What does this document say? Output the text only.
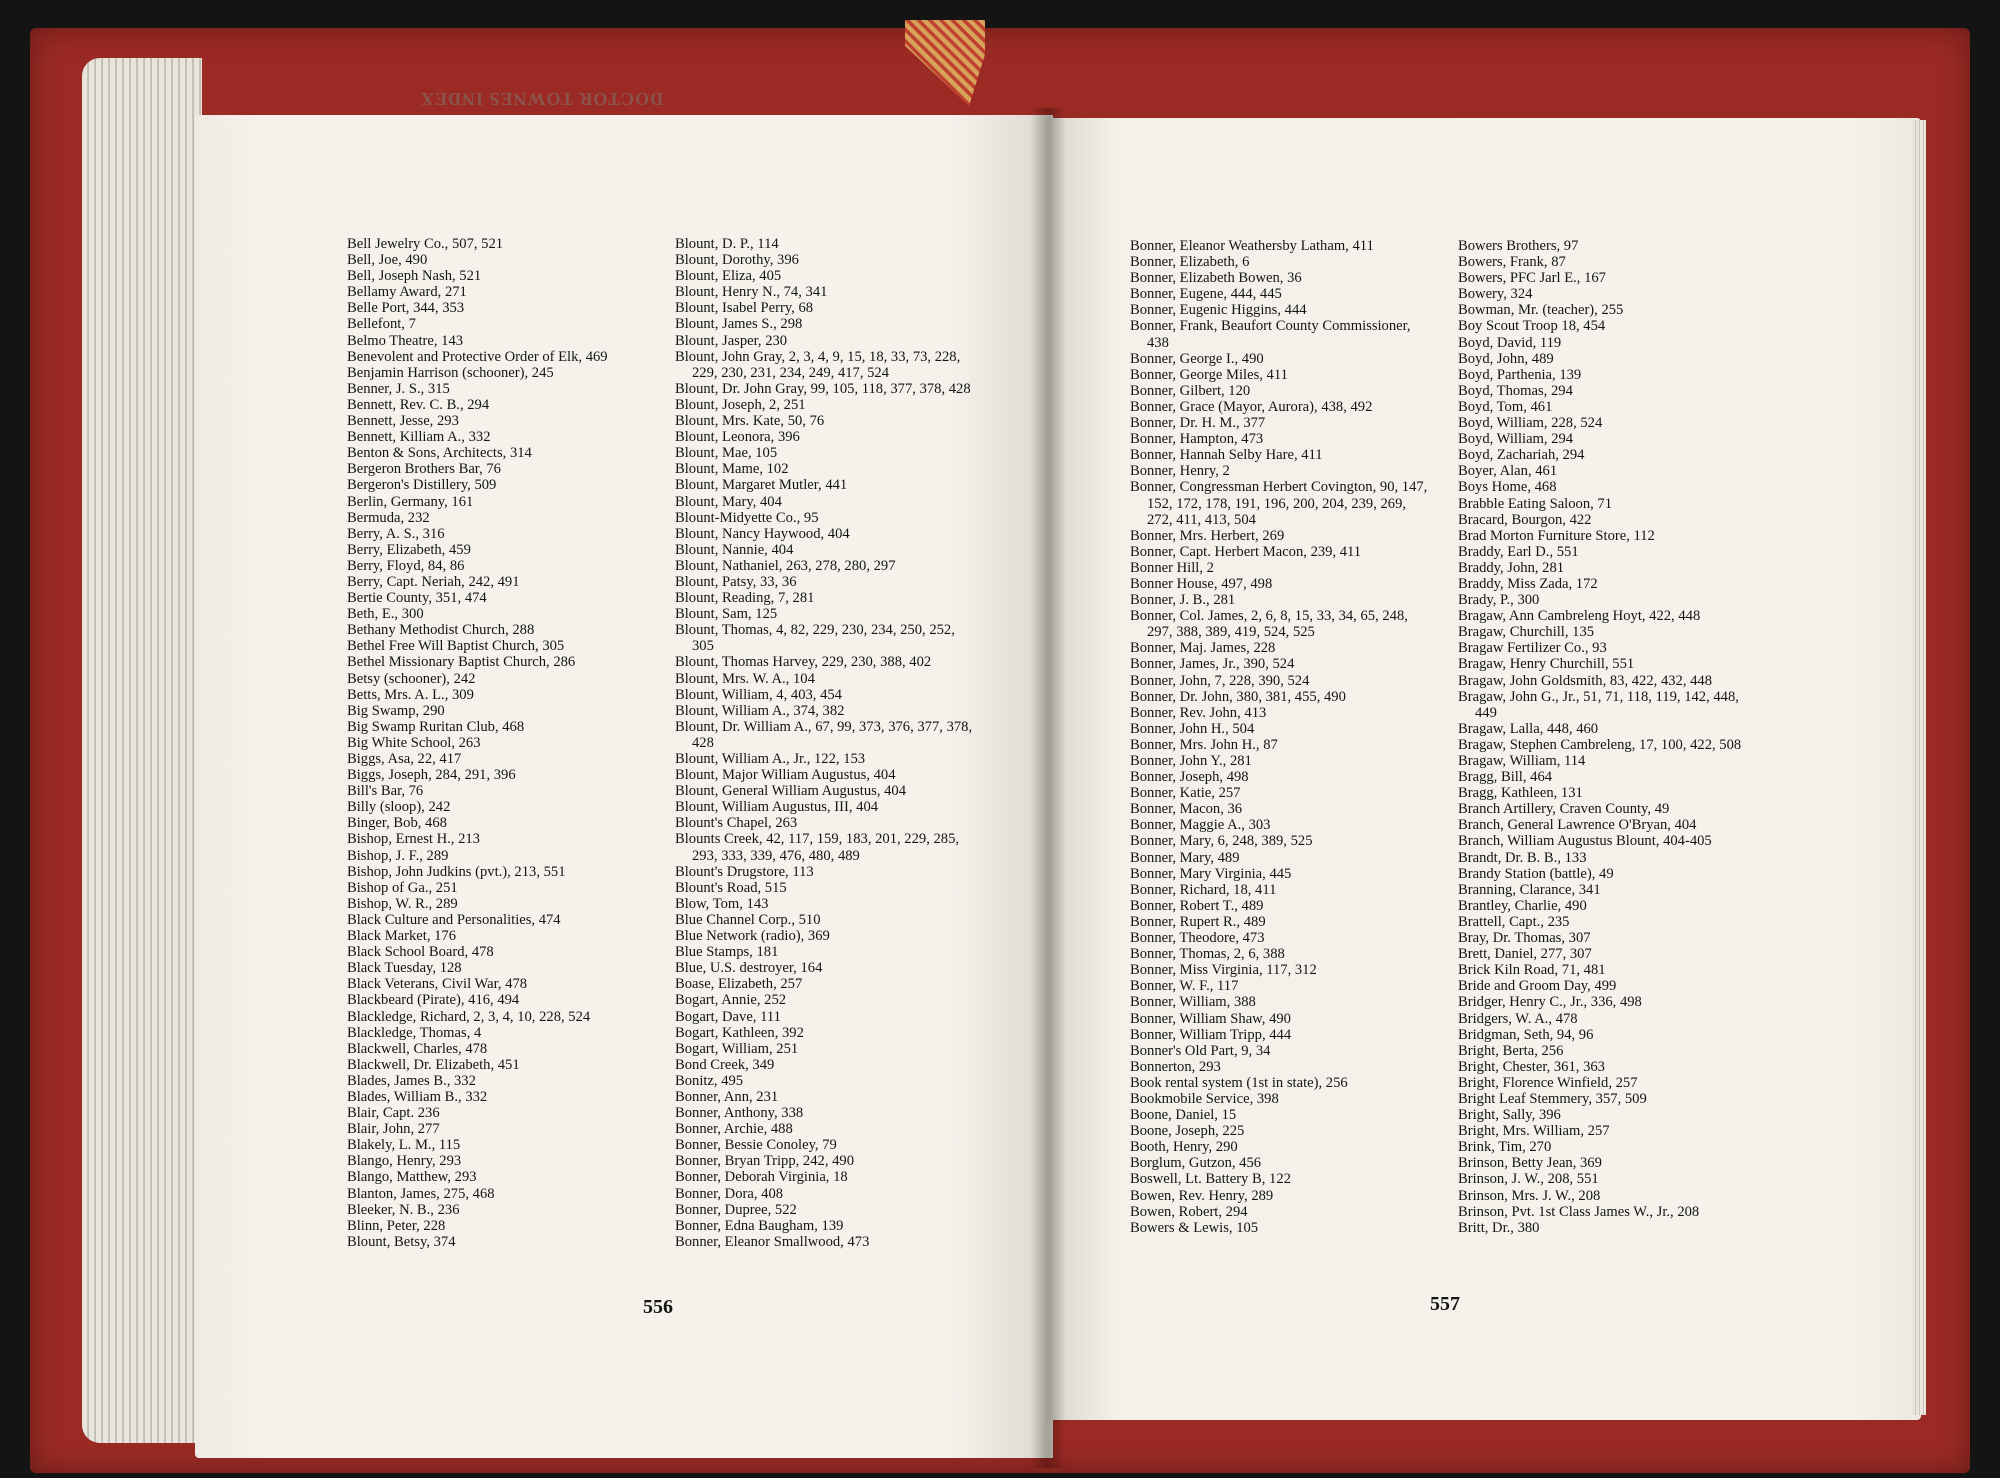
DOCTOR TOWNES INDEX
Bell Jewelry Co., 507, 521
Bell, Joe, 490
Bell, Joseph Nash, 521
Bellamy Award, 271
Belle Port, 344, 353
Bellefont, 7
Belmo Theatre, 143
Benevolent and Protective Order of Elk, 469
Benjamin Harrison (schooner), 245
Benner, J. S., 315
Bennett, Rev. C. B., 294
Bennett, Jesse, 293
Bennett, Killiam A., 332
Benton & Sons, Architects, 314
Bergeron Brothers Bar, 76
Bergeron's Distillery, 509
Berlin, Germany, 161
Bermuda, 232
Berry, A. S., 316
Berry, Elizabeth, 459
Berry, Floyd, 84, 86
Berry, Capt. Neriah, 242, 491
Bertie County, 351, 474
Beth, E., 300
Bethany Methodist Church, 288
Bethel Free Will Baptist Church, 305
Bethel Missionary Baptist Church, 286
Betsy (schooner), 242
Betts, Mrs. A. L., 309
Big Swamp, 290
Big Swamp Ruritan Club, 468
Big White School, 263
Biggs, Asa, 22, 417
Biggs, Joseph, 284, 291, 396
Bill's Bar, 76
Billy (sloop), 242
Binger, Bob, 468
Bishop, Ernest H., 213
Bishop, J. F., 289
Bishop, John Judkins (pvt.), 213, 551
Bishop of Ga., 251
Bishop, W. R., 289
Black Culture and Personalities, 474
Black Market, 176
Black School Board, 478
Black Tuesday, 128
Black Veterans, Civil War, 478
Blackbeard (Pirate), 416, 494
Blackledge, Richard, 2, 3, 4, 10, 228, 524
Blackledge, Thomas, 4
Blackwell, Charles, 478
Blackwell, Dr. Elizabeth, 451
Blades, James B., 332
Blades, William B., 332
Blair, Capt. 236
Blair, John, 277
Blakely, L. M., 115
Blango, Henry, 293
Blango, Matthew, 293
Blanton, James, 275, 468
Bleeker, N. B., 236
Blinn, Peter, 228
Blount, Betsy, 374
Blount, D. P., 114
Blount, Dorothy, 396
Blount, Eliza, 405
Blount, Henry N., 74, 341
Blount, Isabel Perry, 68
Blount, James S., 298
Blount, Jasper, 230
Blount, John Gray, 2, 3, 4, 9, 15, 18, 33, 73, 228, 229, 230, 231, 234, 249, 417, 524
Blount, Dr. John Gray, 99, 105, 118, 377, 378, 428
Blount, Joseph, 2, 251
Blount, Mrs. Kate, 50, 76
Blount, Leonora, 396
Blount, Mae, 105
Blount, Mame, 102
Blount, Margaret Mutler, 441
Blount, Mary, 404
Blount-Midyette Co., 95
Blount, Nancy Haywood, 404
Blount, Nannie, 404
Blount, Nathaniel, 263, 278, 280, 297
Blount, Patsy, 33, 36
Blount, Reading, 7, 281
Blount, Sam, 125
Blount, Thomas, 4, 82, 229, 230, 234, 250, 252, 305
Blount, Thomas Harvey, 229, 230, 388, 402
Blount, Mrs. W. A., 104
Blount, William, 4, 403, 454
Blount, William A., 374, 382
Blount, Dr. William A., 67, 99, 373, 376, 377, 378, 428
Blount, William A., Jr., 122, 153
Blount, Major William Augustus, 404
Blount, General William Augustus, 404
Blount, William Augustus, III, 404
Blount's Chapel, 263
Blounts Creek, 42, 117, 159, 183, 201, 229, 285, 293, 333, 339, 476, 480, 489
Blount's Drugstore, 113
Blount's Road, 515
Blow, Tom, 143
Blue Channel Corp., 510
Blue Network (radio), 369
Blue Stamps, 181
Blue, U.S. destroyer, 164
Boase, Elizabeth, 257
Bogart, Annie, 252
Bogart, Dave, 111
Bogart, Kathleen, 392
Bogart, William, 251
Bond Creek, 349
Bonitz, 495
Bonner, Ann, 231
Bonner, Anthony, 338
Bonner, Archie, 488
Bonner, Bessie Conoley, 79
Bonner, Bryan Tripp, 242, 490
Bonner, Deborah Virginia, 18
Bonner, Dora, 408
Bonner, Dupree, 522
Bonner, Edna Baugham, 139
Bonner, Eleanor Smallwood, 473
Bonner, Eleanor Weathersby Latham, 411
Bonner, Elizabeth, 6
Bonner, Elizabeth Bowen, 36
Bonner, Eugene, 444, 445
Bonner, Eugenic Higgins, 444
Bonner, Frank, Beaufort County Commissioner, 438
Bonner, George I., 490
Bonner, George Miles, 411
Bonner, Gilbert, 120
Bonner, Grace (Mayor, Aurora), 438, 492
Bonner, Dr. H. M., 377
Bonner, Hampton, 473
Bonner, Hannah Selby Hare, 411
Bonner, Henry, 2
Bonner, Congressman Herbert Covington, 90, 147, 152, 172, 178, 191, 196, 200, 204, 239, 269, 272, 411, 413, 504
Bonner, Mrs. Herbert, 269
Bonner, Capt. Herbert Macon, 239, 411
Bonner Hill, 2
Bonner House, 497, 498
Bonner, J. B., 281
Bonner, Col. James, 2, 6, 8, 15, 33, 34, 65, 248, 297, 388, 389, 419, 524, 525
Bonner, Maj. James, 228
Bonner, James, Jr., 390, 524
Bonner, John, 7, 228, 390, 524
Bonner, Dr. John, 380, 381, 455, 490
Bonner, Rev. John, 413
Bonner, John H., 504
Bonner, Mrs. John H., 87
Bonner, John Y., 281
Bonner, Joseph, 498
Bonner, Katie, 257
Bonner, Macon, 36
Bonner, Maggie A., 303
Bonner, Mary, 6, 248, 389, 525
Bonner, Mary, 489
Bonner, Mary Virginia, 445
Bonner, Richard, 18, 411
Bonner, Robert T., 489
Bonner, Rupert R., 489
Bonner, Theodore, 473
Bonner, Thomas, 2, 6, 388
Bonner, Miss Virginia, 117, 312
Bonner, W. F., 117
Bonner, William, 388
Bonner, William Shaw, 490
Bonner, William Tripp, 444
Bonner's Old Part, 9, 34
Bonnerton, 293
Book rental system (1st in state), 256
Bookmobile Service, 398
Boone, Daniel, 15
Boone, Joseph, 225
Booth, Henry, 290
Borglum, Gutzon, 456
Boswell, Lt. Battery B, 122
Bowen, Rev. Henry, 289
Bowen, Robert, 294
Bowers & Lewis, 105
Bowers Brothers, 97
Bowers, Frank, 87
Bowers, PFC Jarl E., 167
Bowery, 324
Bowman, Mr. (teacher), 255
Boy Scout Troop 18, 454
Boyd, David, 119
Boyd, John, 489
Boyd, Parthenia, 139
Boyd, Thomas, 294
Boyd, Tom, 461
Boyd, William, 228, 524
Boyd, William, 294
Boyd, Zachariah, 294
Boyer, Alan, 461
Boys Home, 468
Brabble Eating Saloon, 71
Bracard, Bourgon, 422
Brad Morton Furniture Store, 112
Braddy, Earl D., 551
Braddy, John, 281
Braddy, Miss Zada, 172
Brady, P., 300
Bragaw, Ann Cambreleng Hoyt, 422, 448
Bragaw, Churchill, 135
Bragaw Fertilizer Co., 93
Bragaw, Henry Churchill, 551
Bragaw, John Goldsmith, 83, 422, 432, 448
Bragaw, John G., Jr., 51, 71, 118, 119, 142, 448, 449
Bragaw, Lalla, 448, 460
Bragaw, Stephen Cambreleng, 17, 100, 422, 508
Bragaw, William, 114
Bragg, Bill, 464
Bragg, Kathleen, 131
Branch Artillery, Craven County, 49
Branch, General Lawrence O'Bryan, 404
Branch, William Augustus Blount, 404-405
Brandt, Dr. B. B., 133
Brandy Station (battle), 49
Branning, Clarance, 341
Brantley, Charlie, 490
Brattell, Capt., 235
Bray, Dr. Thomas, 307
Brett, Daniel, 277, 307
Brick Kiln Road, 71, 481
Bride and Groom Day, 499
Bridger, Henry C., Jr., 336, 498
Bridgers, W. A., 478
Bridgman, Seth, 94, 96
Bright, Berta, 256
Bright, Chester, 361, 363
Bright, Florence Winfield, 257
Bright Leaf Stemmery, 357, 509
Bright, Sally, 396
Bright, Mrs. William, 257
Brink, Tim, 270
Brinson, Betty Jean, 369
Brinson, J. W., 208, 551
Brinson, Mrs. J. W., 208
Brinson, Pvt. 1st Class James W., Jr., 208
Britt, Dr., 380
556	557
